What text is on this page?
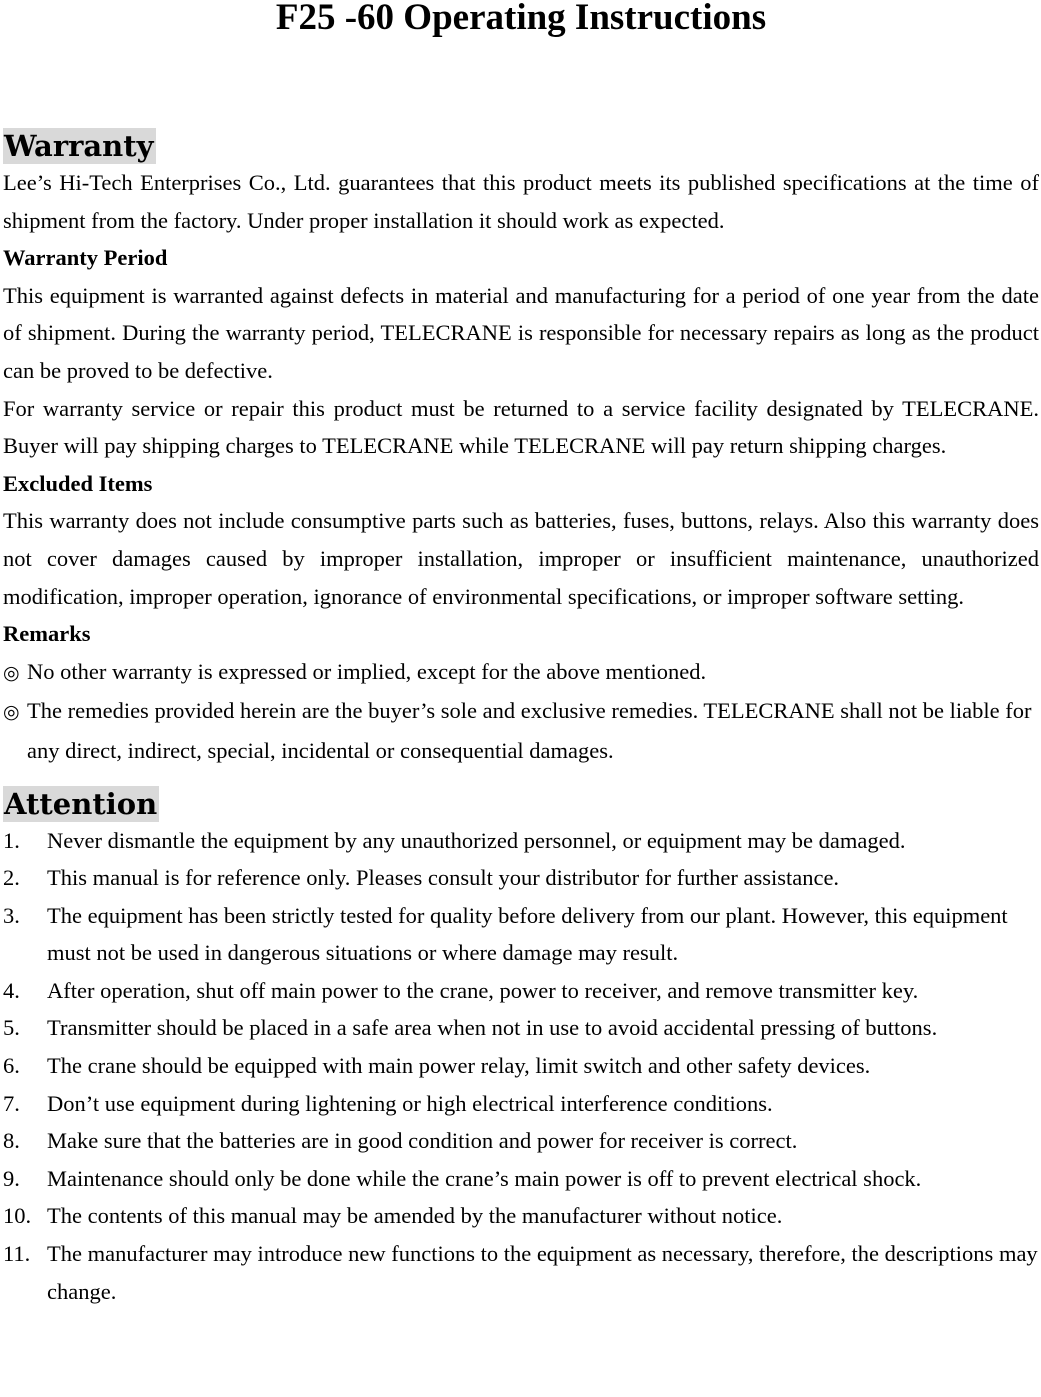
F25 -60 Operating Instructions
Warranty

Lee’s Hi-Tech Enterprises Co., Ltd. guarantees that this product meets its published specifications at the time of shipment from the factory. Under proper installation it should work as expected.

Warranty Period

This equipment is warranted against defects in material and manufacturing for a period of one year from the date of shipment. During the warranty period, TELECRANE is responsible for necessary repairs as long as the product can be proved to be defective.

For warranty service or repair this product must be returned to a service facility designated by TELECRANE. Buyer will pay shipping charges to TELECRANE while TELECRANE will pay return shipping charges.

Excluded Items

This warranty does not include consumptive parts such as batteries, fuses, buttons, relays. Also this warranty does not cover damages caused by improper installation, improper or insufficient maintenance, unauthorized modification, improper operation, ignorance of environmental specifications, or improper software setting.

Remarks
◎ No other warranty is expressed or implied, except for the above mentioned.
◎ The remedies provided herein are the buyer’s sole and exclusive remedies. TELECRANE shall not be liable for any direct, indirect, special, incidental or consequential damages.
Attention
1.	Never dismantle the equipment by any unauthorized personnel, or equipment may be damaged.
2.	This manual is for reference only. Pleases consult your distributor for further assistance.
3.	The equipment has been strictly tested for quality before delivery from our plant. However, this equipment must not be used in dangerous situations or where damage may result.
4.	After operation, shut off main power to the crane, power to receiver, and remove transmitter key.
5.	Transmitter should be placed in a safe area when not in use to avoid accidental pressing of buttons.
6.	The crane should be equipped with main power relay, limit switch and other safety devices.
7.	Don’t use equipment during lightening or high electrical interference conditions.
8.	Make sure that the batteries are in good condition and power for receiver is correct.
9.	Maintenance should only be done while the crane’s main power is off to prevent electrical shock.
10. The contents of this manual may be amended by the manufacturer without notice.
11. The manufacturer may introduce new functions to the equipment as necessary, therefore, the descriptions may change.
